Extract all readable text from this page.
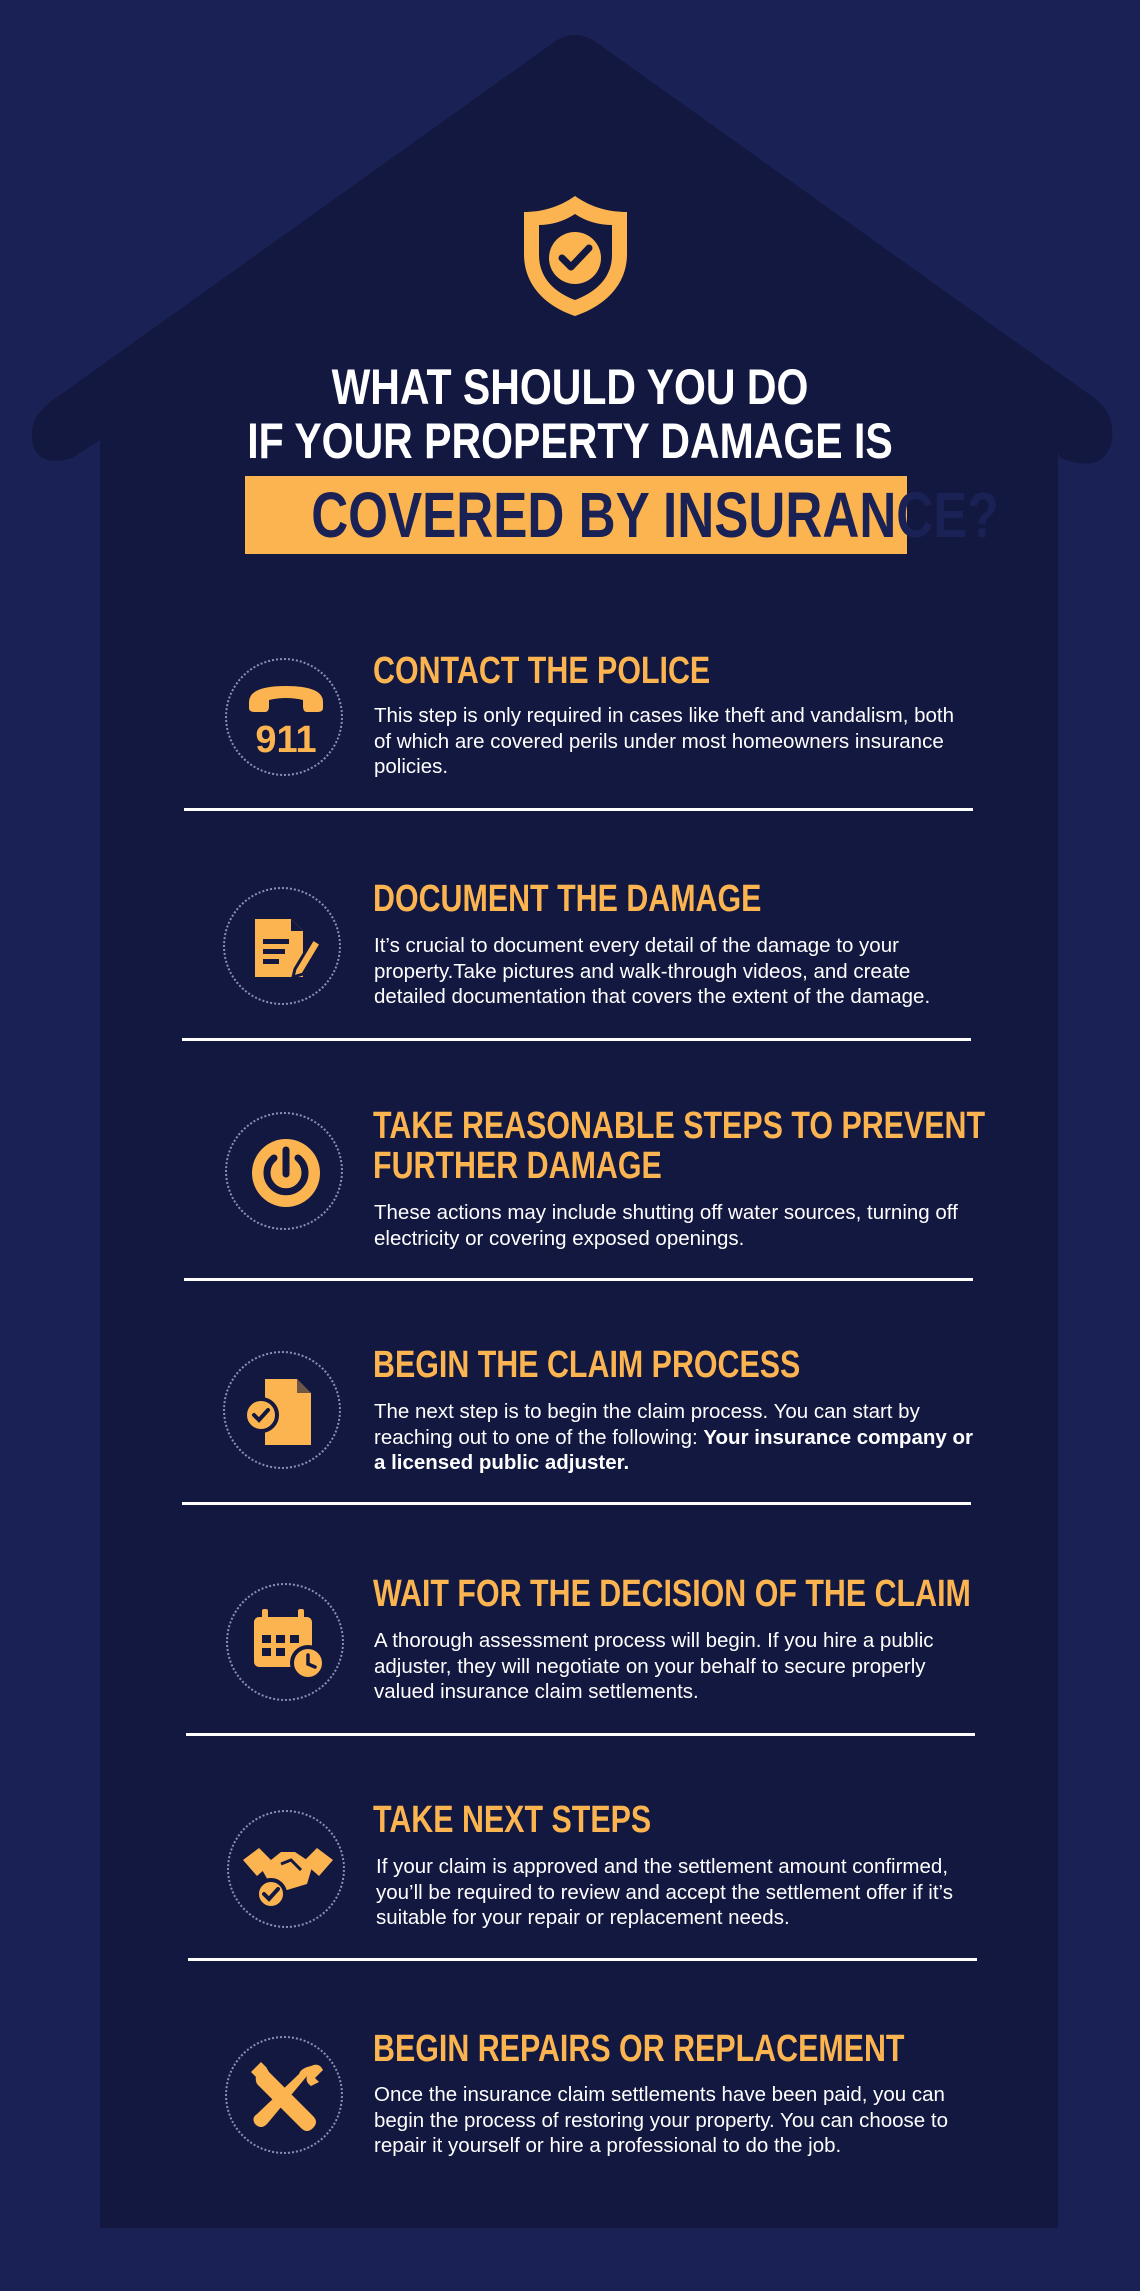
WHAT SHOULD YOU DO
IF YOUR PROPERTY DAMAGE IS
COVERED BY INSURANCE?
911
CONTACT THE POLICE
This step is only required in cases like theft and vandalism, both of which are covered perils under most homeowners insurance policies.
DOCUMENT THE DAMAGE
It’s crucial to document every detail of the damage to your property.Take pictures and walk-through videos, and create detailed documentation that covers the extent of the damage.
TAKE REASONABLE STEPS TO PREVENT
FURTHER DAMAGE
These actions may include shutting off water sources, turning off electricity or covering exposed openings.
BEGIN THE CLAIM PROCESS
The next step is to begin the claim process. You can start by reaching out to one of the following: Your insurance company or a licensed public adjuster.
WAIT FOR THE DECISION OF THE CLAIM
A thorough assessment process will begin. If you hire a public adjuster, they will negotiate on your behalf to secure properly valued insurance claim settlements.
TAKE NEXT STEPS
If your claim is approved and the settlement amount confirmed, you’ll be required to review and accept the settlement offer if it’s suitable for your repair or replacement needs.
BEGIN REPAIRS OR REPLACEMENT
Once the insurance claim settlements have been paid, you can begin the process of restoring your property. You can choose to repair it yourself or hire a professional to do the job.
